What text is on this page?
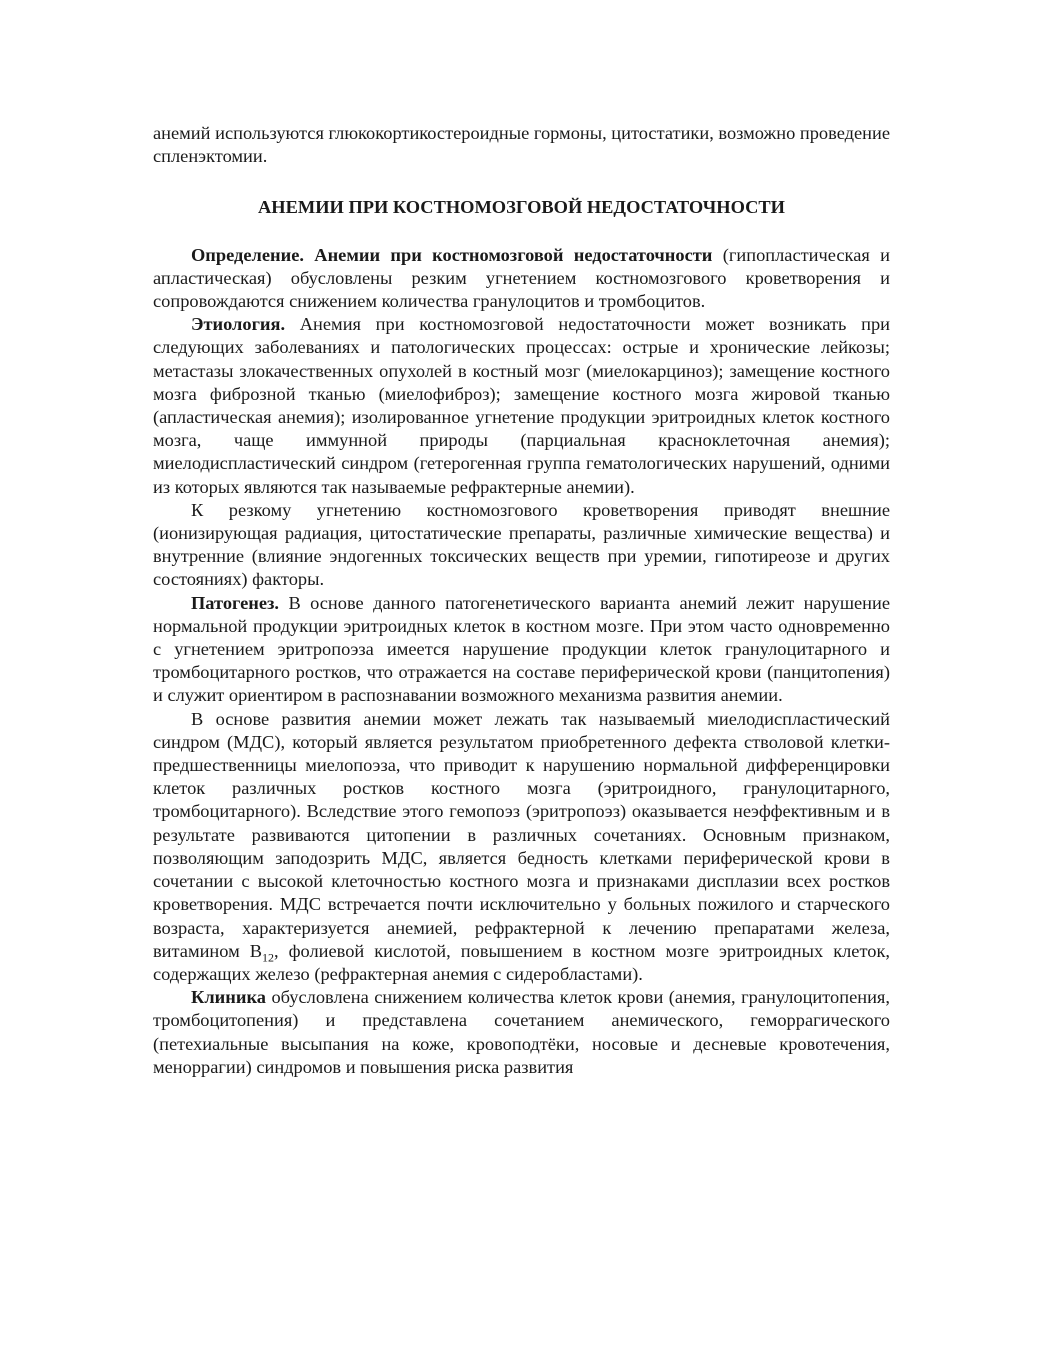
анемий используются глюкокортикостероидные гормоны, цитостатики, возможно проведение спленэктомии.

АНЕМИИ ПРИ КОСТНОМОЗГОВОЙ НЕДОСТАТОЧНОСТИ

Определение. Анемии при костномозговой недостаточности (гипопластическая и апластическая) обусловлены резким угнетением костномозгового кроветворения и сопровождаются снижением количества гранулоцитов и тромбоцитов.

Этиология. Анемия при костномозговой недостаточности может возникать при следующих заболеваниях и патологических процессах: острые и хронические лейкозы; метастазы злокачественных опухолей в костный мозг (миелокарциноз); замещение костного мозга фиброзной тканью (миелофиброз); замещение костного мозга жировой тканью (апластическая анемия); изолированное угнетение продукции эритроидных клеток костного мозга, чаще иммунной природы (парциальная красноклеточная анемия); миелодиспластический синдром (гетерогенная группа гематологических нарушений, одними из которых являются так называемые рефрактерные анемии).

К резкому угнетению костномозгового кроветворения приводят внешние (ионизирующая радиация, цитостатические препараты, различные химические вещества) и внутренние (влияние эндогенных токсических веществ при уремии, гипотиреозе и других состояниях) факторы.

Патогенез. В основе данного патогенетического варианта анемий лежит нарушение нормальной продукции эритроидных клеток в костном мозге. При этом часто одновременно с угнетением эритропоэза имеется нарушение продукции клеток гранулоцитарного и тромбоцитарного ростков, что отражается на составе периферической крови (панцитопения) и служит ориентиром в распознавании возможного механизма развития анемии.

В основе развития анемии может лежать так называемый миелодиспластический синдром (МДС), который является результатом приобретенного дефекта стволовой клетки-предшественницы миелопоэза, что приводит к нарушению нормальной дифференцировки клеток различных ростков костного мозга (эритроидного, гранулоцитарного, тромбоцитарного). Вследствие этого гемопоэз (эритропоэз) оказывается неэффективным и в результате развиваются цитопении в различных сочетаниях. Основным признаком, позволяющим заподозрить МДС, является бедность клетками периферической крови в сочетании с высокой клеточностью костного мозга и признаками дисплазии всех ростков кроветворения. МДС встречается почти исключительно у больных пожилого и старческого возраста, характеризуется анемией, рефрактерной к лечению препаратами железа, витамином $B_{12}$, фолиевой кислотой, повышением в костном мозге эритроидных клеток, содержащих железо (рефрактерная анемия с сидеробластами).

Клиника обусловлена снижением количества клеток крови (анемия, гранулоцитопения, тромбоцитопения) и представлена сочетанием анемического, геморрагического (петехиальные высыпания на коже, кровоподтёки, носовые и десневые кровотечения, меноррагии) синдромов и повышения риска развития
